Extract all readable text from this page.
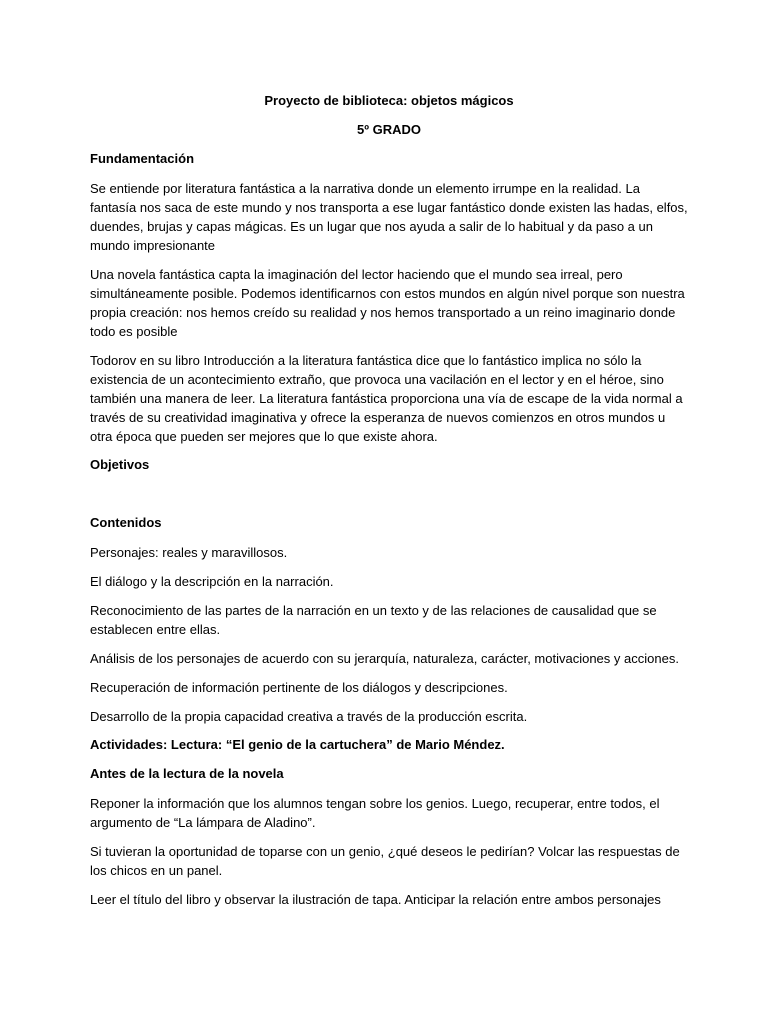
Proyecto de biblioteca: objetos mágicos
5º GRADO
Fundamentación

Se entiende por literatura fantástica a la narrativa donde un elemento irrumpe en la realidad. La fantasía nos saca de este mundo y nos transporta a ese lugar fantástico donde existen las hadas, elfos, duendes, brujas y capas mágicas. Es un lugar que nos ayuda a salir de lo habitual y da paso a un mundo impresionante

Una novela fantástica capta la imaginación del lector haciendo que el mundo sea irreal, pero simultáneamente posible. Podemos identificarnos con estos mundos en algún nivel porque son nuestra propia creación: nos hemos creído su realidad y nos hemos transportado a un reino imaginario donde todo es posible

Todorov en su libro Introducción a la literatura fantástica dice que lo fantástico implica no sólo la existencia de un acontecimiento extraño, que provoca una vacilación en el lector y en el héroe, sino también una manera de leer. La literatura fantástica proporciona una vía de escape de la vida normal a través de su creatividad imaginativa y ofrece la esperanza de nuevos comienzos en otros mundos u otra época que pueden ser mejores que lo que existe ahora.

Objetivos
Contenidos

Personajes: reales y maravillosos.

El diálogo y la descripción en la narración.

Reconocimiento de las partes de la narración en un texto y de las relaciones de causalidad que se establecen entre ellas.

Análisis de los personajes de acuerdo con su jerarquía, naturaleza, carácter, motivaciones y acciones.

Recuperación de información pertinente de los diálogos y descripciones.

Desarrollo de la propia capacidad creativa a través de la producción escrita.

Actividades: Lectura: “El genio de la cartuchera” de Mario Méndez.
Antes de la lectura de la novela

Reponer la información que los alumnos tengan sobre los genios. Luego, recuperar, entre todos, el argumento de “La lámpara de Aladino”.

Si tuvieran la oportunidad de toparse con un genio, ¿qué deseos le pedirían? Volcar las respuestas de los chicos en un panel.

Leer el título del libro y observar la ilustración de tapa. Anticipar la relación entre ambos personajes
